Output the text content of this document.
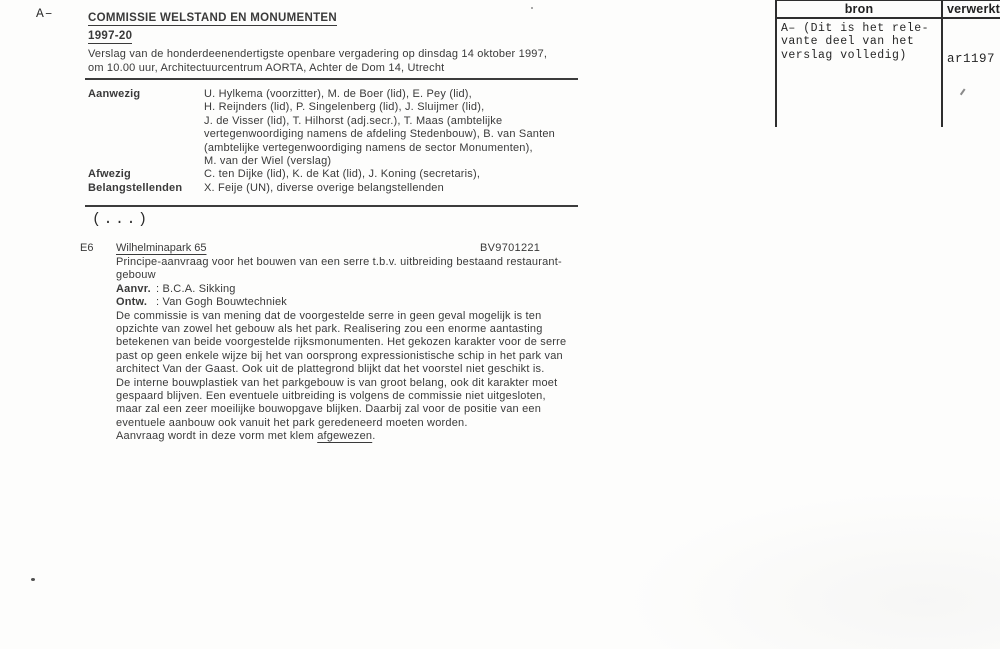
A–	COMMISSIE WELSTAND EN MONUMENTEN
1997-20
Verslag van de honderdeenendertigste openbare vergadering op dinsdag 14 oktober 1997,
om 10.00 uur, Architectuurcentrum AORTA, Achter de Dom 14, Utrecht
Aanwezig	U. Hylkema (voorzitter), M. de Boer (lid), E. Pey (lid),
H. Reijnders (lid), P. Singelenberg (lid), J. Sluijmer (lid),
J. de Visser (lid), T. Hilhorst (adj.secr.), T. Maas (ambtelijke
vertegenwoordiging namens de afdeling Stedenbouw), B. van Santen
(ambtelijke vertegenwoordiging namens de sector Monumenten),
M. van der Wiel (verslag)
Afwezig	C. ten Dijke (lid), K. de Kat (lid), J. Koning (secretaris),
Belangstellenden	X. Feije (UN), diverse overige belangstellenden
(...)
E6 Wilhelminapark 65	BV9701221
Principe-aanvraag voor het bouwen van een serre t.b.v. uitbreiding bestaand restaurant-
gebouw
Aanvr. : B.C.A. Sikking
Ontw. : Van Gogh Bouwtechniek
De commissie is van mening dat de voorgestelde serre in geen geval mogelijk is ten
opzichte van zowel het gebouw als het park. Realisering zou een enorme aantasting
betekenen van beide voorgestelde rijksmonumenten. Het gekozen karakter voor de serre
past op geen enkele wijze bij het van oorsprong expressionistische schip in het park van
architect Van der Gaast. Ook uit de plattegrond blijkt dat het voorstel niet geschikt is.
De interne bouwplastiek van het parkgebouw is van groot belang, ook dit karakter moet
gespaard blijven. Een eventuele uitbreiding is volgens de commissie niet uitgesloten,
maar zal een zeer moeilijke bouwopgave blijken. Daarbij zal voor de positie van een
eventuele aanbouw ook vanuit het park geredeneerd moeten worden.
Aanvraag wordt in deze vorm met klem afgewezen.
bron	verwerkt
A– (Dit is het rele-
vante deel van het
verslag volledig)	ar1197
